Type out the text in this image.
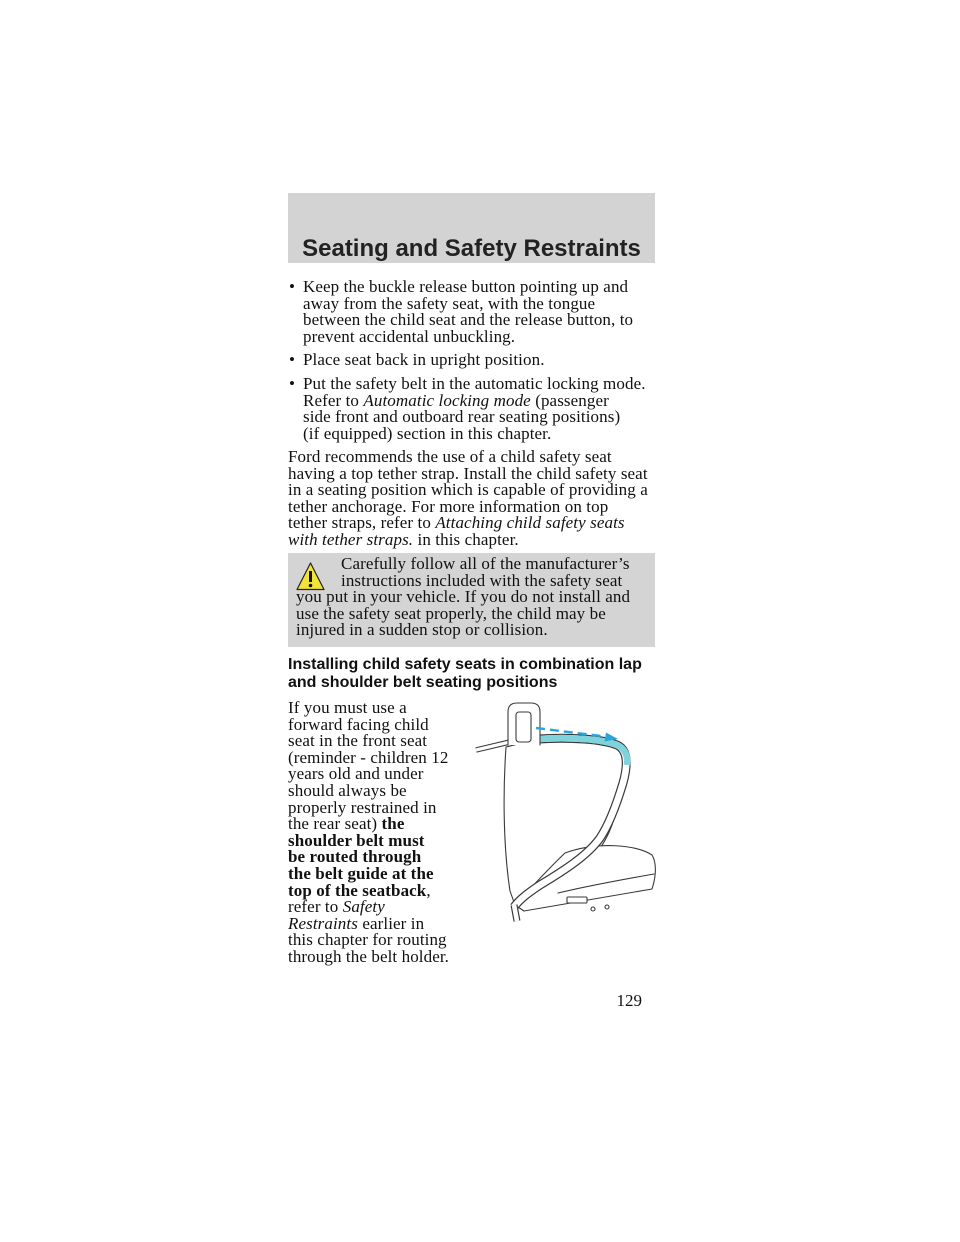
Seating and Safety Restraints
• Keep the buckle release button pointing up and
away from the safety seat, with the tongue
between the child seat and the release button, to
prevent accidental unbuckling.
• Place seat back in upright position.
• Put the safety belt in the automatic locking mode.
Refer to Automatic locking mode (passenger
side front and outboard rear seating positions)
(if equipped) section in this chapter.
Ford recommends the use of a child safety seat
having a top tether strap. Install the child safety seat
in a seating position which is capable of providing a
tether anchorage. For more information on top
tether straps, refer to Attaching child safety seats
with tether straps. in this chapter.
Carefully follow all of the manufacturer’s
instructions included with the safety seat
you put in your vehicle. If you do not install and
use the safety seat properly, the child may be
injured in a sudden stop or collision.
Installing child safety seats in combination lap
and shoulder belt seating positions
If you must use a
forward facing child
seat in the front seat
(reminder - children 12
years old and under
should always be
properly restrained in
the rear seat) the
shoulder belt must
be routed through
the belt guide at the
top of the seatback,
refer to Safety
Restraints earlier in
this chapter for routing
through the belt holder.
129
